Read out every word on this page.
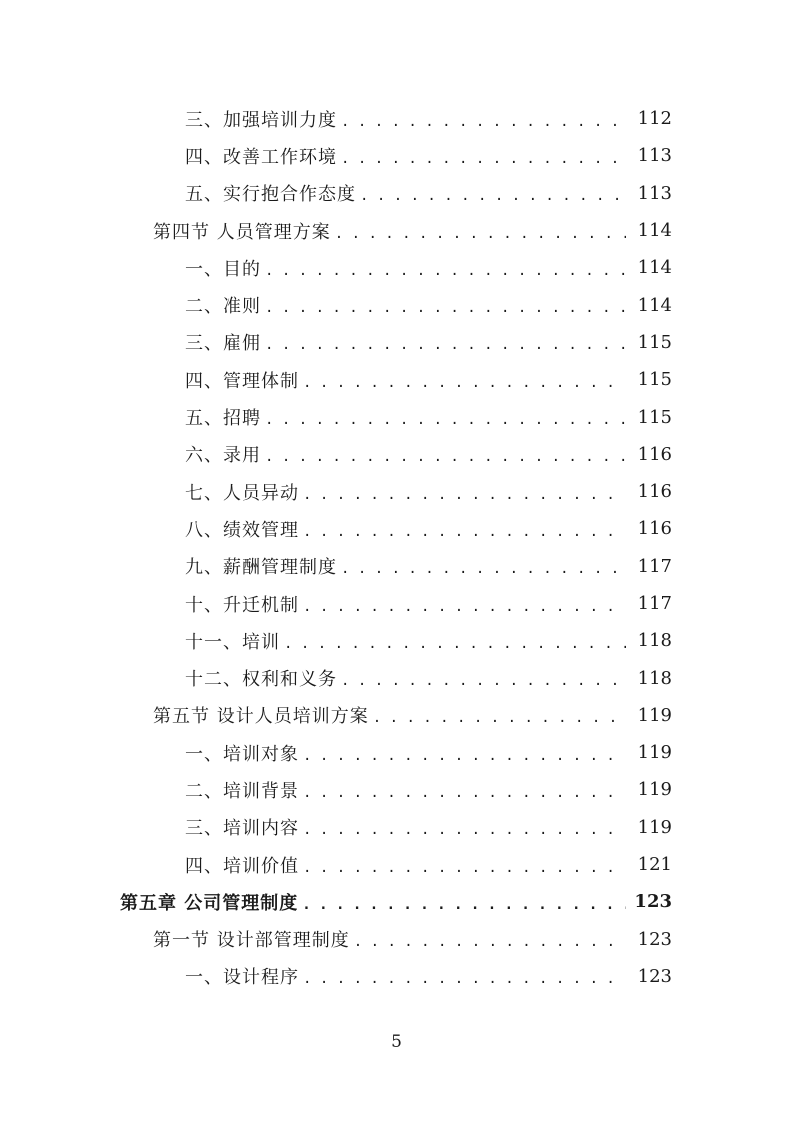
三、加强培训力度 . . .	112
四、改善工作环境 . . .	113
五、实行抱合作态度 . . .	113
第四节 人员管理方案 . . .	114
一、目的 . . .	114
二、准则 . . .	114
三、雇佣 . . .	115
四、管理体制 . . .	115
五、招聘 . . .	115
六、录用 . . .	116
七、人员异动 . . .	116
八、绩效管理 . . .	116
九、薪酬管理制度 . . .	117
十、升迁机制 . . .	117
十一、培训 . . .	118
十二、权利和义务 . . .	118
第五节 设计人员培训方案 . . .	119
一、培训对象 . . .	119
二、培训背景 . . .	119
三、培训内容 . . .	119
四、培训价值 . . .	121
第五章 公司管理制度 . . .	123
第一节 设计部管理制度 . . .	123
一、设计程序 . . .	123
5
